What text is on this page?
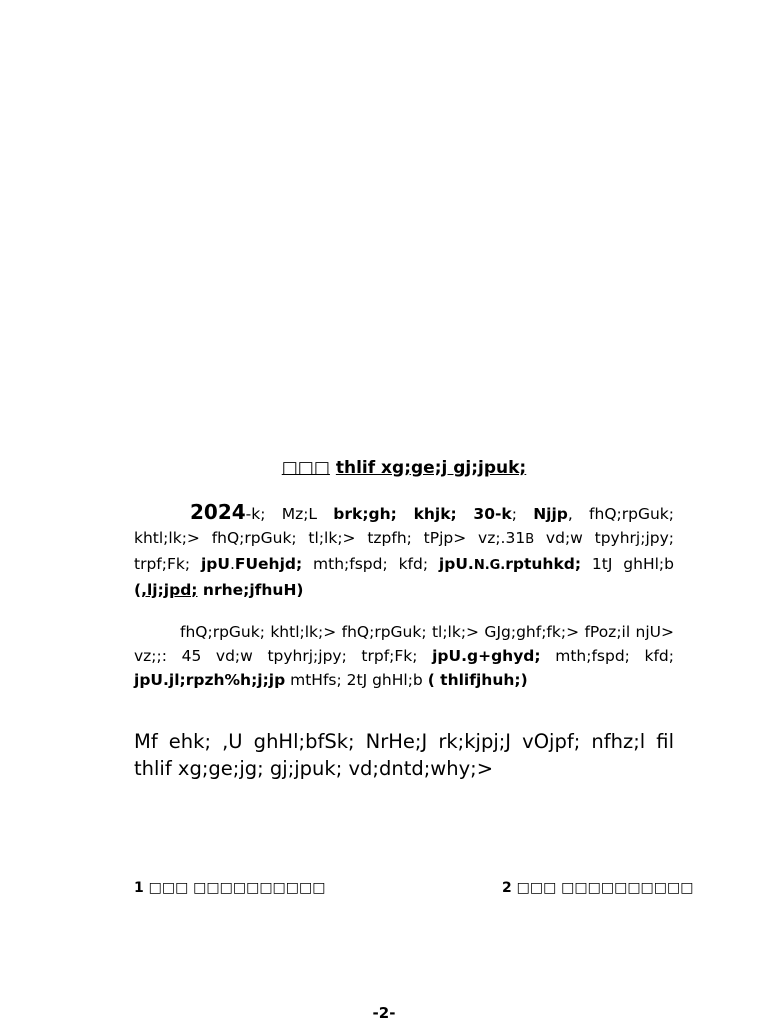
□□□ thlif xg;ge;j gj;jpuk;
2024-k; Mz;L brk;gh; khjk; 30-k; Njjp, fhQ;rpGuk; khtl;lk;> fhQ;rpGuk; tl;lk;> tzpfh; tPjp> vz;.31B vd;w tpyhrj;jpy; trpf;Fk; jpU.FUehjd; mth;fspd; kfd; jpU.N.G.rptuhkd; 1tJ ghHl;b (,lj;jpd; nrhe;jfhuH)
fhQ;rpGuk; khtl;lk;> fhQ;rpGuk; tl;lk;> GJg;ghf;fk;> fPoz;il njU> vz;;: 45 vd;w tpyhrj;jpy; trpf;Fk; jpU.g+ghyd; mth;fspd; kfd; jpU.jl;rpzh%h;j;jp mtHfs; 2tJ ghHl;b ( thlifjhuh;)
Mf ehk; ,U ghHl;bfSk; NrHe;J rk;kjpj;J vOjpf; nfhz;l fil thlif xg;ge;jg; gj;jpuk; vd;dntd;why;>
1 □□□ □□□□□□□□□□	2 □□□ □□□□□□□□□□
-2-
